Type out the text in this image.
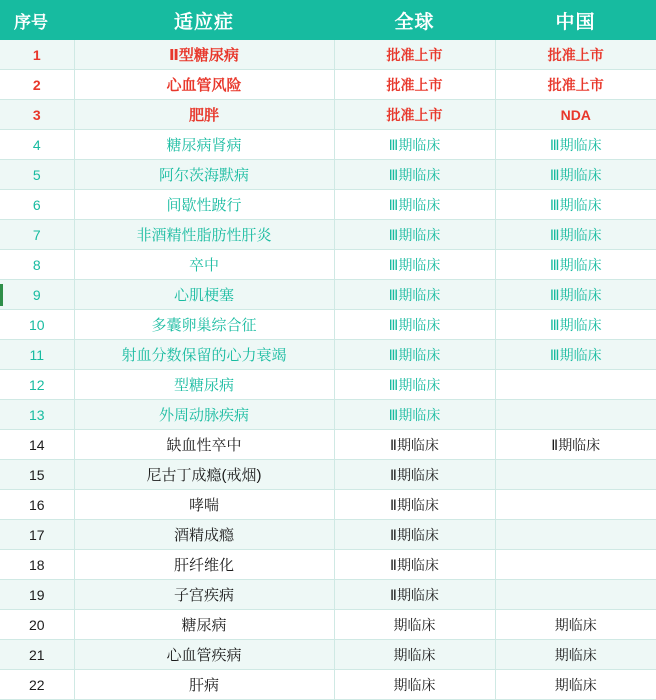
序号	适应症	全球	中国
1	Ⅱ型糖尿病	批准上市	批准上市
2	心血管风险	批准上市	批准上市
3	肥胖	批准上市	NDA
4	糖尿病肾病	Ⅲ期临床	Ⅲ期临床
5	阿尔茨海默病	Ⅲ期临床	Ⅲ期临床
6	间歇性跛行	Ⅲ期临床	Ⅲ期临床
7	非酒精性脂肪性肝炎	Ⅲ期临床	Ⅲ期临床
8	卒中	Ⅲ期临床	Ⅲ期临床
9	心肌梗塞	Ⅲ期临床	Ⅲ期临床
10	多囊卵巢综合征	Ⅲ期临床	Ⅲ期临床
11	射血分数保留的心力衰竭	Ⅲ期临床	Ⅲ期临床
12	型糖尿病	Ⅲ期临床	
13	外周动脉疾病	Ⅲ期临床	
14	缺血性卒中	Ⅱ期临床	Ⅱ期临床
15	尼古丁成瘾(戒烟)	Ⅱ期临床	
16	哮喘	Ⅱ期临床	
17	酒精成瘾	Ⅱ期临床	
18	肝纤维化	Ⅱ期临床	
19	子宫疾病	Ⅱ期临床	
20	糖尿病	期临床	期临床
21	心血管疾病	期临床	期临床
22	肝病	期临床	期临床
